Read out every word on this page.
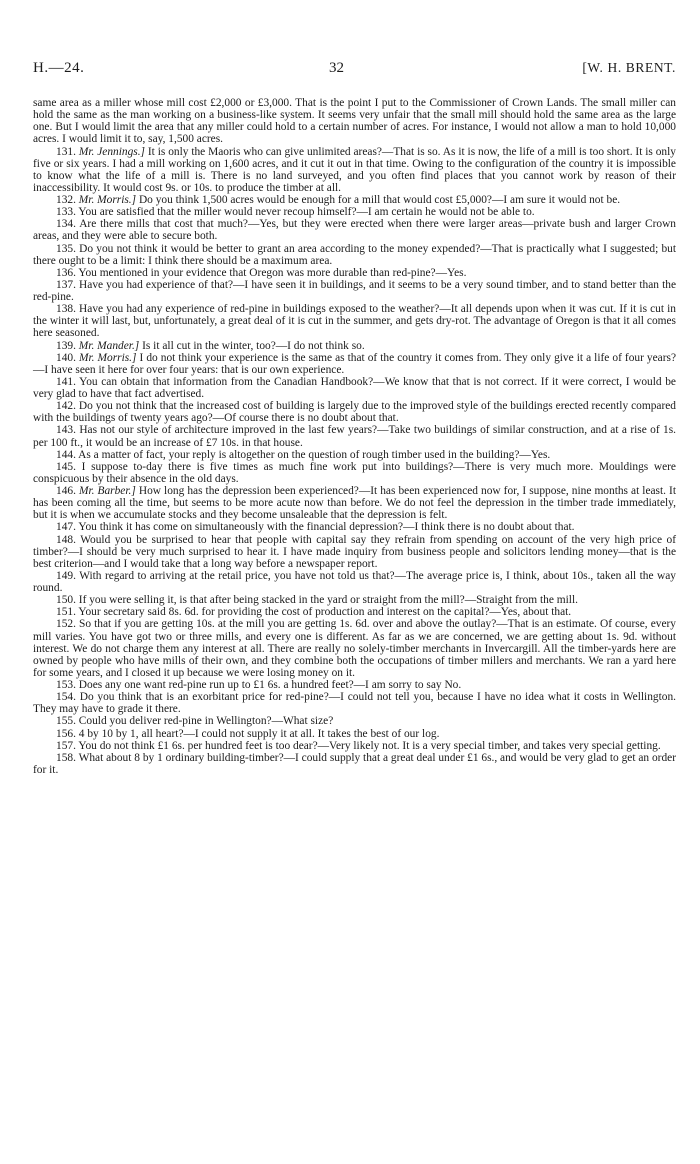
H.—24.	32	[W. H. BRENT.

same area as a miller whose mill cost £2,000 or £3,000. That is the point I put to the Commissioner of Crown Lands. The small miller can hold the same as the man working on a business-like system. It seems very unfair that the small mill should hold the same area as the large one. But I would limit the area that any miller could hold to a certain number of acres. For instance, I would not allow a man to hold 10,000 acres. I would limit it to, say, 1,500 acres.

131. Mr. Jennings.] It is only the Maoris who can give unlimited areas?—That is so. As it is now, the life of a mill is too short. It is only five or six years. I had a mill working on 1,600 acres, and it cut it out in that time. Owing to the configuration of the country it is impossible to know what the life of a mill is. There is no land surveyed, and you often find places that you cannot work by reason of their inaccessibility. It would cost 9s. or 10s. to produce the timber at all.

132. Mr. Morris.] Do you think 1,500 acres would be enough for a mill that would cost £5,000?—I am sure it would not be.

133. You are satisfied that the miller would never recoup himself?—I am certain he would not be able to.

134. Are there mills that cost that much?—Yes, but they were erected when there were larger areas—private bush and larger Crown areas, and they were able to secure both.

135. Do you not think it would be better to grant an area according to the money expended?—That is practically what I suggested; but there ought to be a limit: I think there should be a maximum area.

136. You mentioned in your evidence that Oregon was more durable than red-pine?—Yes.

137. Have you had experience of that?—I have seen it in buildings, and it seems to be a very sound timber, and to stand better than the red-pine.

138. Have you had any experience of red-pine in buildings exposed to the weather?—It all depends upon when it was cut. If it is cut in the winter it will last, but, unfortunately, a great deal of it is cut in the summer, and gets dry-rot. The advantage of Oregon is that it all comes here seasoned.

139. Mr. Mander.] Is it all cut in the winter, too?—I do not think so.

140. Mr. Morris.] I do not think your experience is the same as that of the country it comes from. They only give it a life of four years?—I have seen it here for over four years: that is our own experience.

141. You can obtain that information from the Canadian Handbook?—We know that that is not correct. If it were correct, I would be very glad to have that fact advertised.

142. Do you not think that the increased cost of building is largely due to the improved style of the buildings erected recently compared with the buildings of twenty years ago?—Of course there is no doubt about that.

143. Has not our style of architecture improved in the last few years?—Take two buildings of similar construction, and at a rise of 1s. per 100 ft., it would be an increase of £7 10s. in that house.

144. As a matter of fact, your reply is altogether on the question of rough timber used in the building?—Yes.

145. I suppose to-day there is five times as much fine work put into buildings?—There is very much more. Mouldings were conspicuous by their absence in the old days.

146. Mr. Barber.] How long has the depression been experienced?—It has been experienced now for, I suppose, nine months at least. It has been coming all the time, but seems to be more acute now than before. We do not feel the depression in the timber trade immediately, but it is when we accumulate stocks and they become unsaleable that the depression is felt.

147. You think it has come on simultaneously with the financial depression?—I think there is no doubt about that.

148. Would you be surprised to hear that people with capital say they refrain from spending on account of the very high price of timber?—I should be very much surprised to hear it. I have made inquiry from business people and solicitors lending money—that is the best criterion—and I would take that a long way before a newspaper report.

149. With regard to arriving at the retail price, you have not told us that?—The average price is, I think, about 10s., taken all the way round.

150. If you were selling it, is that after being stacked in the yard or straight from the mill?—Straight from the mill.

151. Your secretary said 8s. 6d. for providing the cost of production and interest on the capital?—Yes, about that.

152. So that if you are getting 10s. at the mill you are getting 1s. 6d. over and above the outlay?—That is an estimate. Of course, every mill varies. You have got two or three mills, and every one is different. As far as we are concerned, we are getting about 1s. 9d. without interest. We do not charge them any interest at all. There are really no solely-timber merchants in Invercargill. All the timber-yards here are owned by people who have mills of their own, and they combine both the occupations of timber millers and merchants. We ran a yard here for some years, and I closed it up because we were losing money on it.

153. Does any one want red-pine run up to £1 6s. a hundred feet?—I am sorry to say No.

154. Do you think that is an exorbitant price for red-pine?—I could not tell you, because I have no idea what it costs in Wellington. They may have to grade it there.

155. Could you deliver red-pine in Wellington?—What size?

156. 4 by 10 by 1, all heart?—I could not supply it at all. It takes the best of our log.

157. You do not think £1 6s. per hundred feet is too dear?—Very likely not. It is a very special timber, and takes very special getting.

158. What about 8 by 1 ordinary building-timber?—I could supply that a great deal under £1 6s., and would be very glad to get an order for it.
